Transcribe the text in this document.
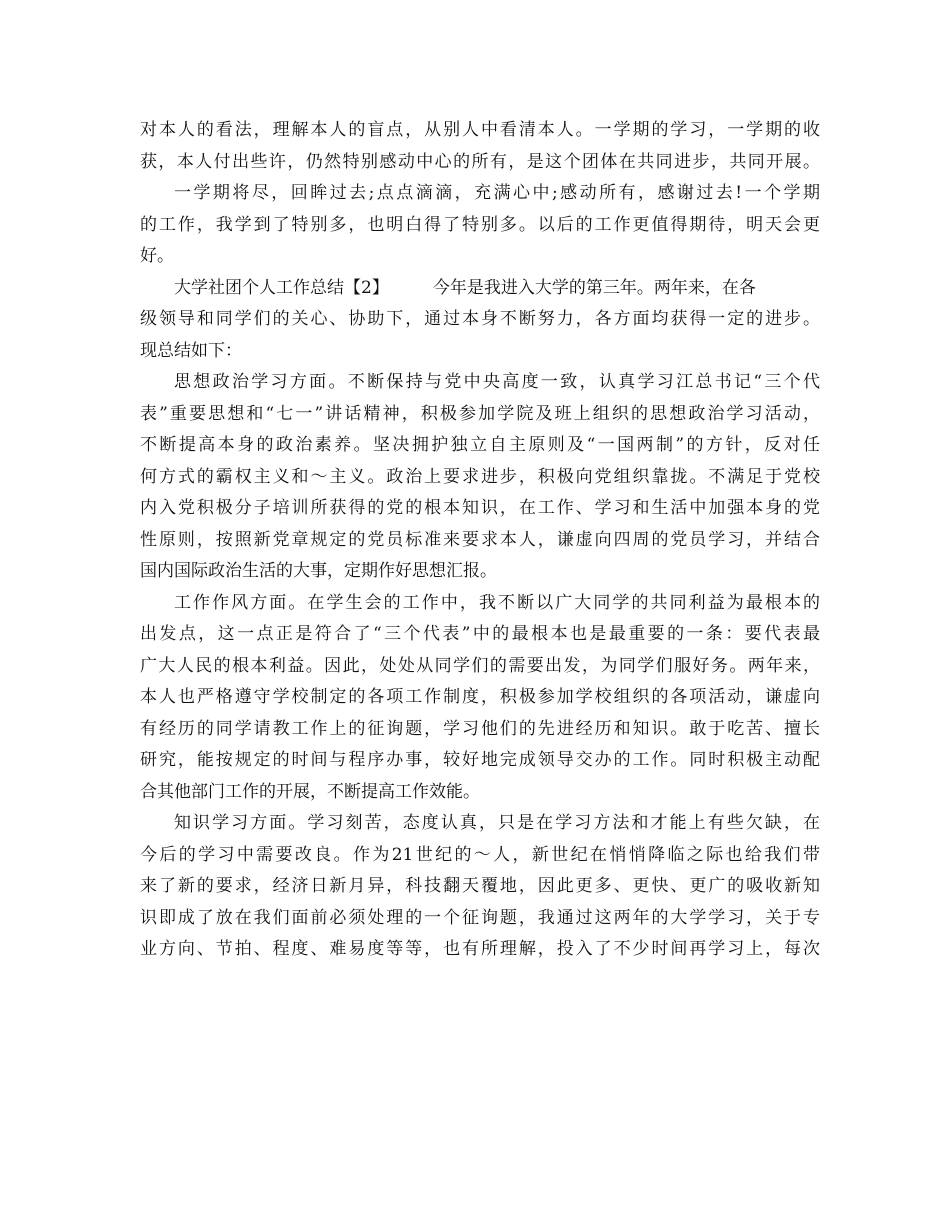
对本人的看法，理解本人的盲点，从别人中看清本人。一学期的学习，一学期的收
获，本人付出些许，仍然特别感动中心的所有，是这个团体在共同进步，共同开展。
一学期将尽，回眸过去;点点滴滴，充满心中;感动所有，感谢过去!一个学期
的工作，我学到了特别多，也明白得了特别多。以后的工作更值得期待，明天会更
好。
大学社团个人工作总结【2】	今年是我进入大学的第三年。两年来，在各
级领导和同学们的关心、协助下，通过本身不断努力，各方面均获得一定的进步。
现总结如下：
思想政治学习方面。不断保持与党中央高度一致，认真学习江总书记“三个代
表”重要思想和“七一”讲话精神，积极参加学院及班上组织的思想政治学习活动，
不断提高本身的政治素养。坚决拥护独立自主原则及“一国两制”的方针，反对任
何方式的霸权主义和～主义。政治上要求进步，积极向党组织靠拢。不满足于党校
内入党积极分子培训所获得的党的根本知识，在工作、学习和生活中加强本身的党
性原则，按照新党章规定的党员标准来要求本人，谦虚向四周的党员学习，并结合
国内国际政治生活的大事，定期作好思想汇报。
工作作风方面。在学生会的工作中，我不断以广大同学的共同利益为最根本的
出发点，这一点正是符合了“三个代表”中的最根本也是最重要的一条：要代表最
广大人民的根本利益。因此，处处从同学们的需要出发，为同学们服好务。两年来，
本人也严格遵守学校制定的各项工作制度，积极参加学校组织的各项活动，谦虚向
有经历的同学请教工作上的征询题，学习他们的先进经历和知识。敢于吃苦、擅长
研究，能按规定的时间与程序办事，较好地完成领导交办的工作。同时积极主动配
合其他部门工作的开展，不断提高工作效能。
知识学习方面。学习刻苦，态度认真，只是在学习方法和才能上有些欠缺，在
今后的学习中需要改良。作为21世纪的～人，新世纪在悄悄降临之际也给我们带
来了新的要求，经济日新月异，科技翻天覆地，因此更多、更快、更广的吸收新知
识即成了放在我们面前必须处理的一个征询题，我通过这两年的大学学习，关于专
业方向、节拍、程度、难易度等等，也有所理解，投入了不少时间再学习上，每次
